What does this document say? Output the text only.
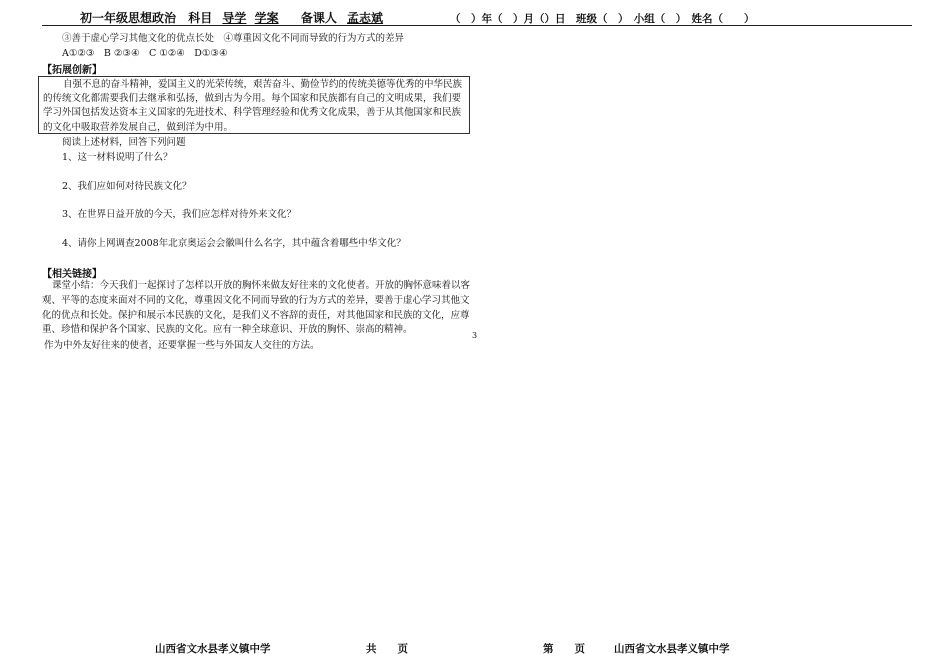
初一年级思想政治 科目 导学 学案 备课人 孟志斌	（　）年（　）月（）日　班级（　）　小组（　）　姓名（　　）
③善于虚心学习其他文化的优点长处　④尊重因文化不同而导致的行为方式的差异
A①②③　B ②③④　C ①②④　D①③④
【拓展创新】
自强不息的奋斗精神，爱国主义的光荣传统，艰苦奋斗、勤俭节约的传统美德等优秀的中华民族的传统文化都需要我们去继承和弘扬，做到古为今用。每个国家和民族都有自己的文明成果，我们要学习外国包括发达资本主义国家的先进技术、科学管理经验和优秀文化成果，善于从其他国家和民族的文化中吸取营养发展自己，做到洋为中用。
阅读上述材料，回答下列问题
1、这一材料说明了什么？
2、我们应如何对待民族文化？
3、在世界日益开放的今天，我们应怎样对待外来文化？
4、请你上网调查2008年北京奥运会会徽叫什么名字，其中蕴含着哪些中华文化？
【相关链接】
课堂小结：今天我们一起探讨了怎样以开放的胸怀来做友好往来的文化使者。开放的胸怀意味着以客观、平等的态度来面对不同的文化，尊重因文化不同而导致的行为方式的差异，要善于虚心学习其他文化的优点和长处。保护和展示本民族的文化，是我们义不容辞的责任，对其他国家和民族的文化，应尊重、珍惜和保护各个国家、民族的文化。应有一种全球意识、开放的胸怀、崇高的精神。
作为中外友好往来的使者，还要掌握一些与外国友人交往的方法。
3
山西省文水县孝义镇中学	共　　页	第　　页	山西省文水县孝义镇中学
